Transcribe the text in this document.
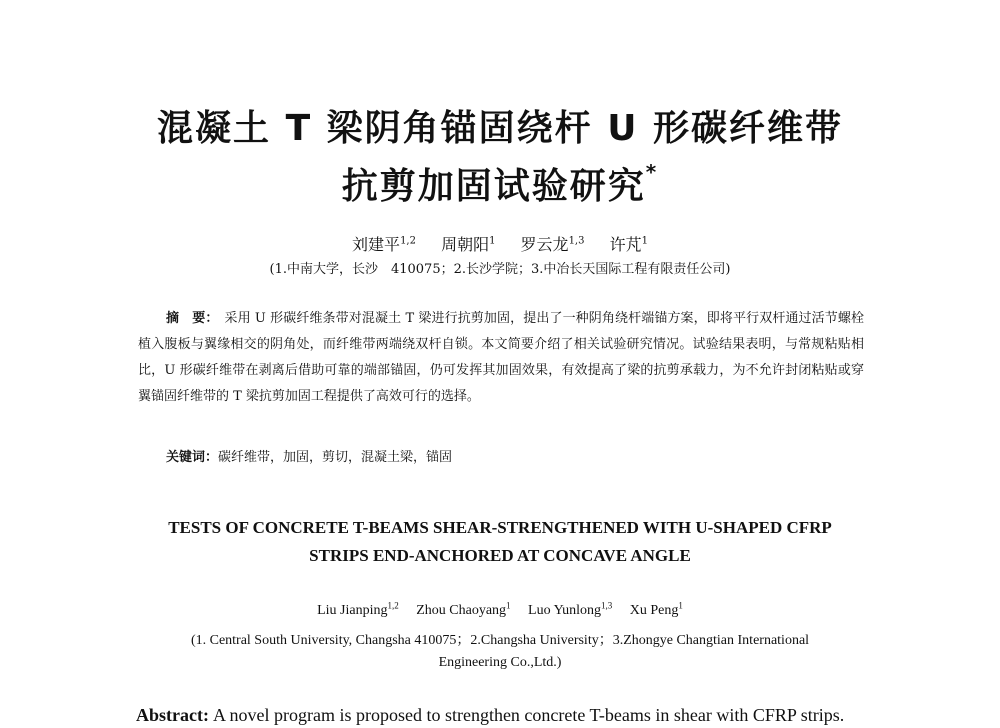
混凝土 T 梁阴角锚固绕杆 U 形碳纤维带
抗剪加固试验研究*
刘建平$^{1,2}$ 周朝阳$^1$ 罗云龙$^{1,3}$ 许芃$^1$
(1.中南大学，长沙　410075；2.长沙学院；3.中冶长天国际工程有限责任公司)
摘　要： 采用 U 形碳纤维条带对混凝土 T 梁进行抗剪加固，提出了一种阴角绕杆端锚方案，即将平行双杆通过活节螺栓植入腹板与翼缘相交的阴角处，而纤维带两端绕双杆自锁。本文简要介绍了相关试验研究情况。试验结果表明，与常规粘贴相比，U 形碳纤维带在剥离后借助可靠的端部锚固，仍可发挥其加固效果，有效提高了梁的抗剪承载力，为不允许封闭粘贴或穿翼锚固纤维带的 T 梁抗剪加固工程提供了高效可行的选择。
关键词：碳纤维带，加固，剪切，混凝土梁，锚固
TESTS OF CONCRETE T-BEAMS SHEAR-STRENGTHENED WITH U-SHAPED CFRP
STRIPS END-ANCHORED AT CONCAVE ANGLE
Liu Jianping$^{1,2}$ Zhou Chaoyang$^1$ Luo Yunlong$^{1,3}$ Xu Peng$^1$
(1. Central South University, Changsha 410075；2.Changsha University；3.Zhongye Changtian International
Engineering Co.,Ltd.)
Abstract: A novel program is proposed to strengthen concrete T-beams in shear with CFRP strips.
